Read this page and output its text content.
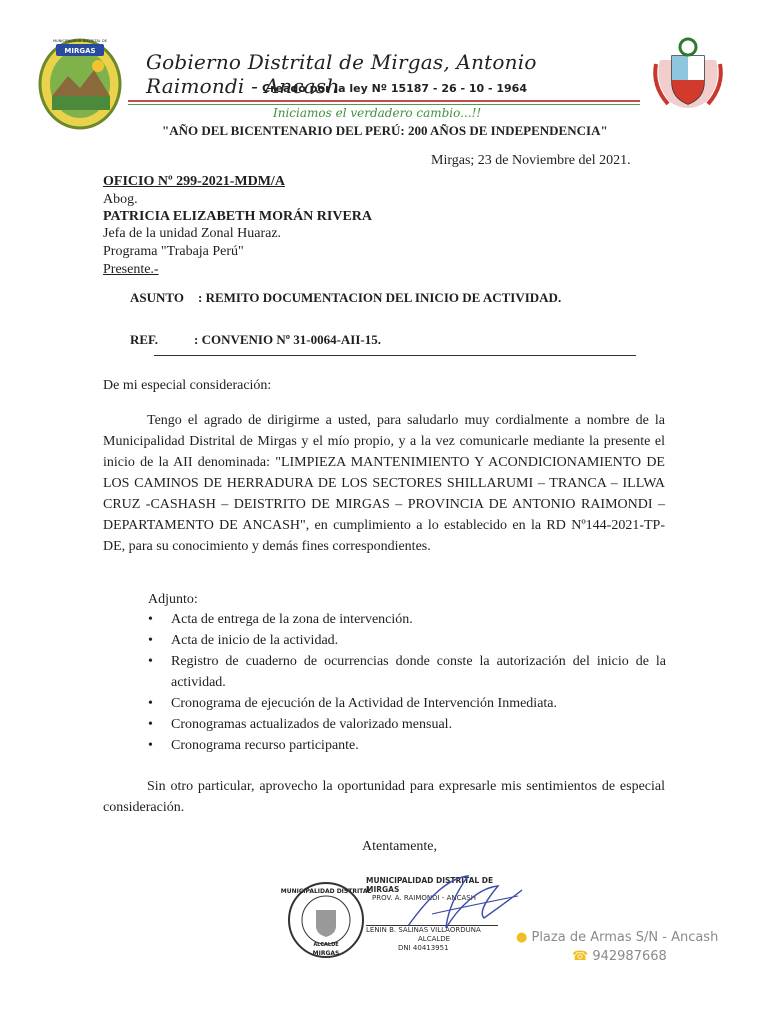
MIRGAS
MUNICIPALIDAD DISTRITAL DE
Gobierno Distrital de Mirgas, Antonio Raimondi - Ancash
Creado por la ley Nº 15187 - 26 - 10 - 1964
Iniciamos el verdadero cambio...!!
"AÑO DEL BICENTENARIO DEL PERÚ: 200 AÑOS DE INDEPENDENCIA"
Mirgas; 23 de Noviembre del 2021.
OFICIO Nº 299-2021-MDM/A
Abog.
PATRICIA ELIZABETH MORÁN RIVERA
Jefa de la unidad Zonal Huaraz.
Programa "Trabaja Perú"
Presente.-
ASUNTO : REMITO DOCUMENTACION DEL INICIO DE ACTIVIDAD.
REF.	: CONVENIO Nº 31-0064-AII-15.
De mi especial consideración:
Tengo el agrado de dirigirme a usted, para saludarlo muy cordialmente a nombre de la Municipalidad Distrital de Mirgas y el mío propio, y a la vez comunicarle mediante la presente el inicio de la AII denominada: "LIMPIEZA MANTENIMIENTO Y ACONDICIONAMIENTO DE LOS CAMINOS DE HERRADURA DE LOS SECTORES SHILLARUMI – TRANCA – ILLWA CRUZ -CASHASH – DEISTRITO DE MIRGAS – PROVINCIA DE ANTONIO RAIMONDI – DEPARTAMENTO DE ANCASH", en cumplimiento a lo establecido en la RD Nº144-2021-TP-DE, para su conocimiento y demás fines correspondientes.
Adjunto:
• Acta de entrega de la zona de intervención.
• Acta de inicio de la actividad.
• Registro de cuaderno de ocurrencias donde conste la autorización del inicio de la actividad.
• Cronograma de ejecución de la Actividad de Intervención Inmediata.
• Cronogramas actualizados de valorizado mensual.
• Cronograma recurso participante.
Sin otro particular, aprovecho la oportunidad para expresarle mis sentimientos de especial consideración.
Atentamente,
MUNICIPALIDAD DISTRITAL
ALCALDE
MIRGAS
MUNICIPALIDAD DISTRITAL DE MIRGAS
PROV. A. RAIMONDI - ANCASH
LENIN B. SALINAS VILLAORDUÑA
ALCALDE
DNI 40413951
● Plaza de Armas S/N - Ancash
☎ 942987668
